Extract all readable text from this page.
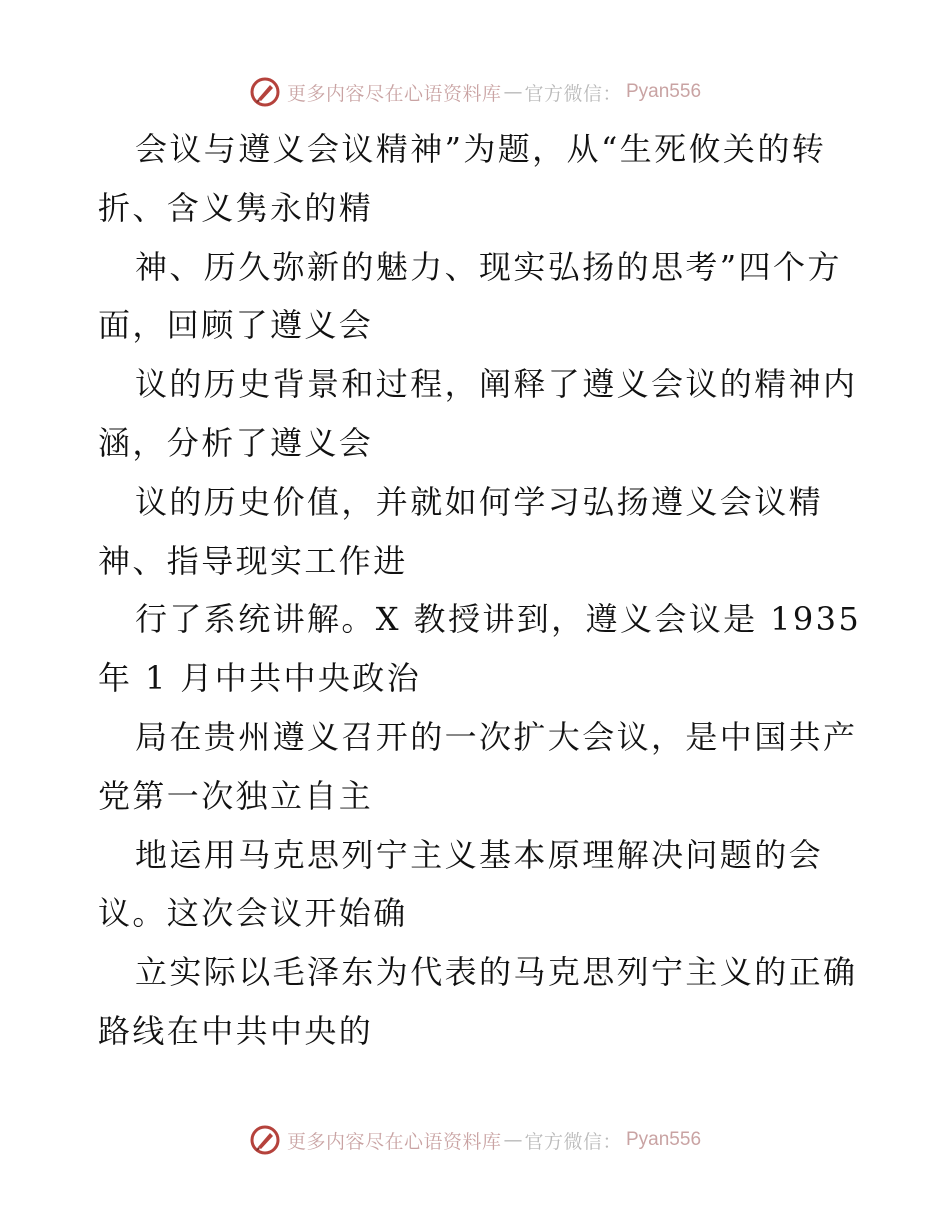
更多内容尽在心语资料库 — 官方微信： Pyan556
会议与遵义会议精神”为题，从“生死攸关的转
折、含义隽永的精
神、历久弥新的魅力、现实弘扬的思考”四个方
面，回顾了遵义会
议的历史背景和过程，阐释了遵义会议的精神内
涵，分析了遵义会
议的历史价值，并就如何学习弘扬遵义会议精
神、指导现实工作进
行了系统讲解。X 教授讲到，遵义会议是 1935
年 1 月中共中央政治
局在贵州遵义召开的一次扩大会议，是中国共产
党第一次独立自主
地运用马克思列宁主义基本原理解决问题的会
议。这次会议开始确
立实际以毛泽东为代表的马克思列宁主义的正确
路线在中共中央的
更多内容尽在心语资料库 — 官方微信： Pyan556
